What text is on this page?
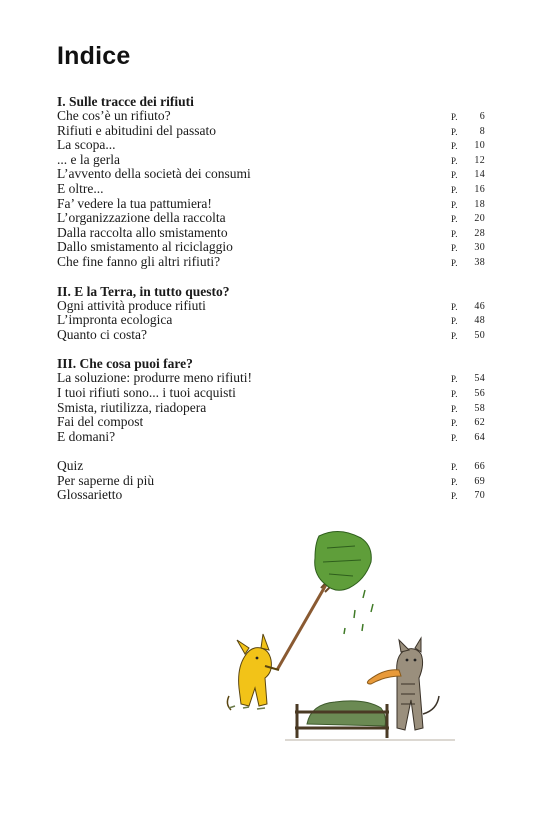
Indice
I. Sulle tracce dei rifiuti
Che cos’è un rifiuto?	P. 6
Rifiuti e abitudini del passato	P. 8
La scopa...	P. 10
... e la gerla	P. 12
L’avvento della società dei consumi	P. 14
E oltre...	P. 16
Fa’ vedere la tua pattumiera!	P. 18
L’organizzazione della raccolta	P. 20
Dalla raccolta allo smistamento	P. 28
Dallo smistamento al riciclaggio	P. 30
Che fine fanno gli altri rifiuti?	P. 38
II. E la Terra, in tutto questo?
Ogni attività produce rifiuti	P. 46
L’impronta ecologica	P. 48
Quanto ci costa?	P. 50
III. Che cosa puoi fare?
La soluzione: produrre meno rifiuti!	P. 54
I tuoi rifiuti sono... i tuoi acquisti	P. 56
Smista, riutilizza, riadopera	P. 58
Fai del compost	P. 62
E domani?	P. 64
Quiz	P. 66
Per saperne di più	P. 69
Glossarietto	P. 70
